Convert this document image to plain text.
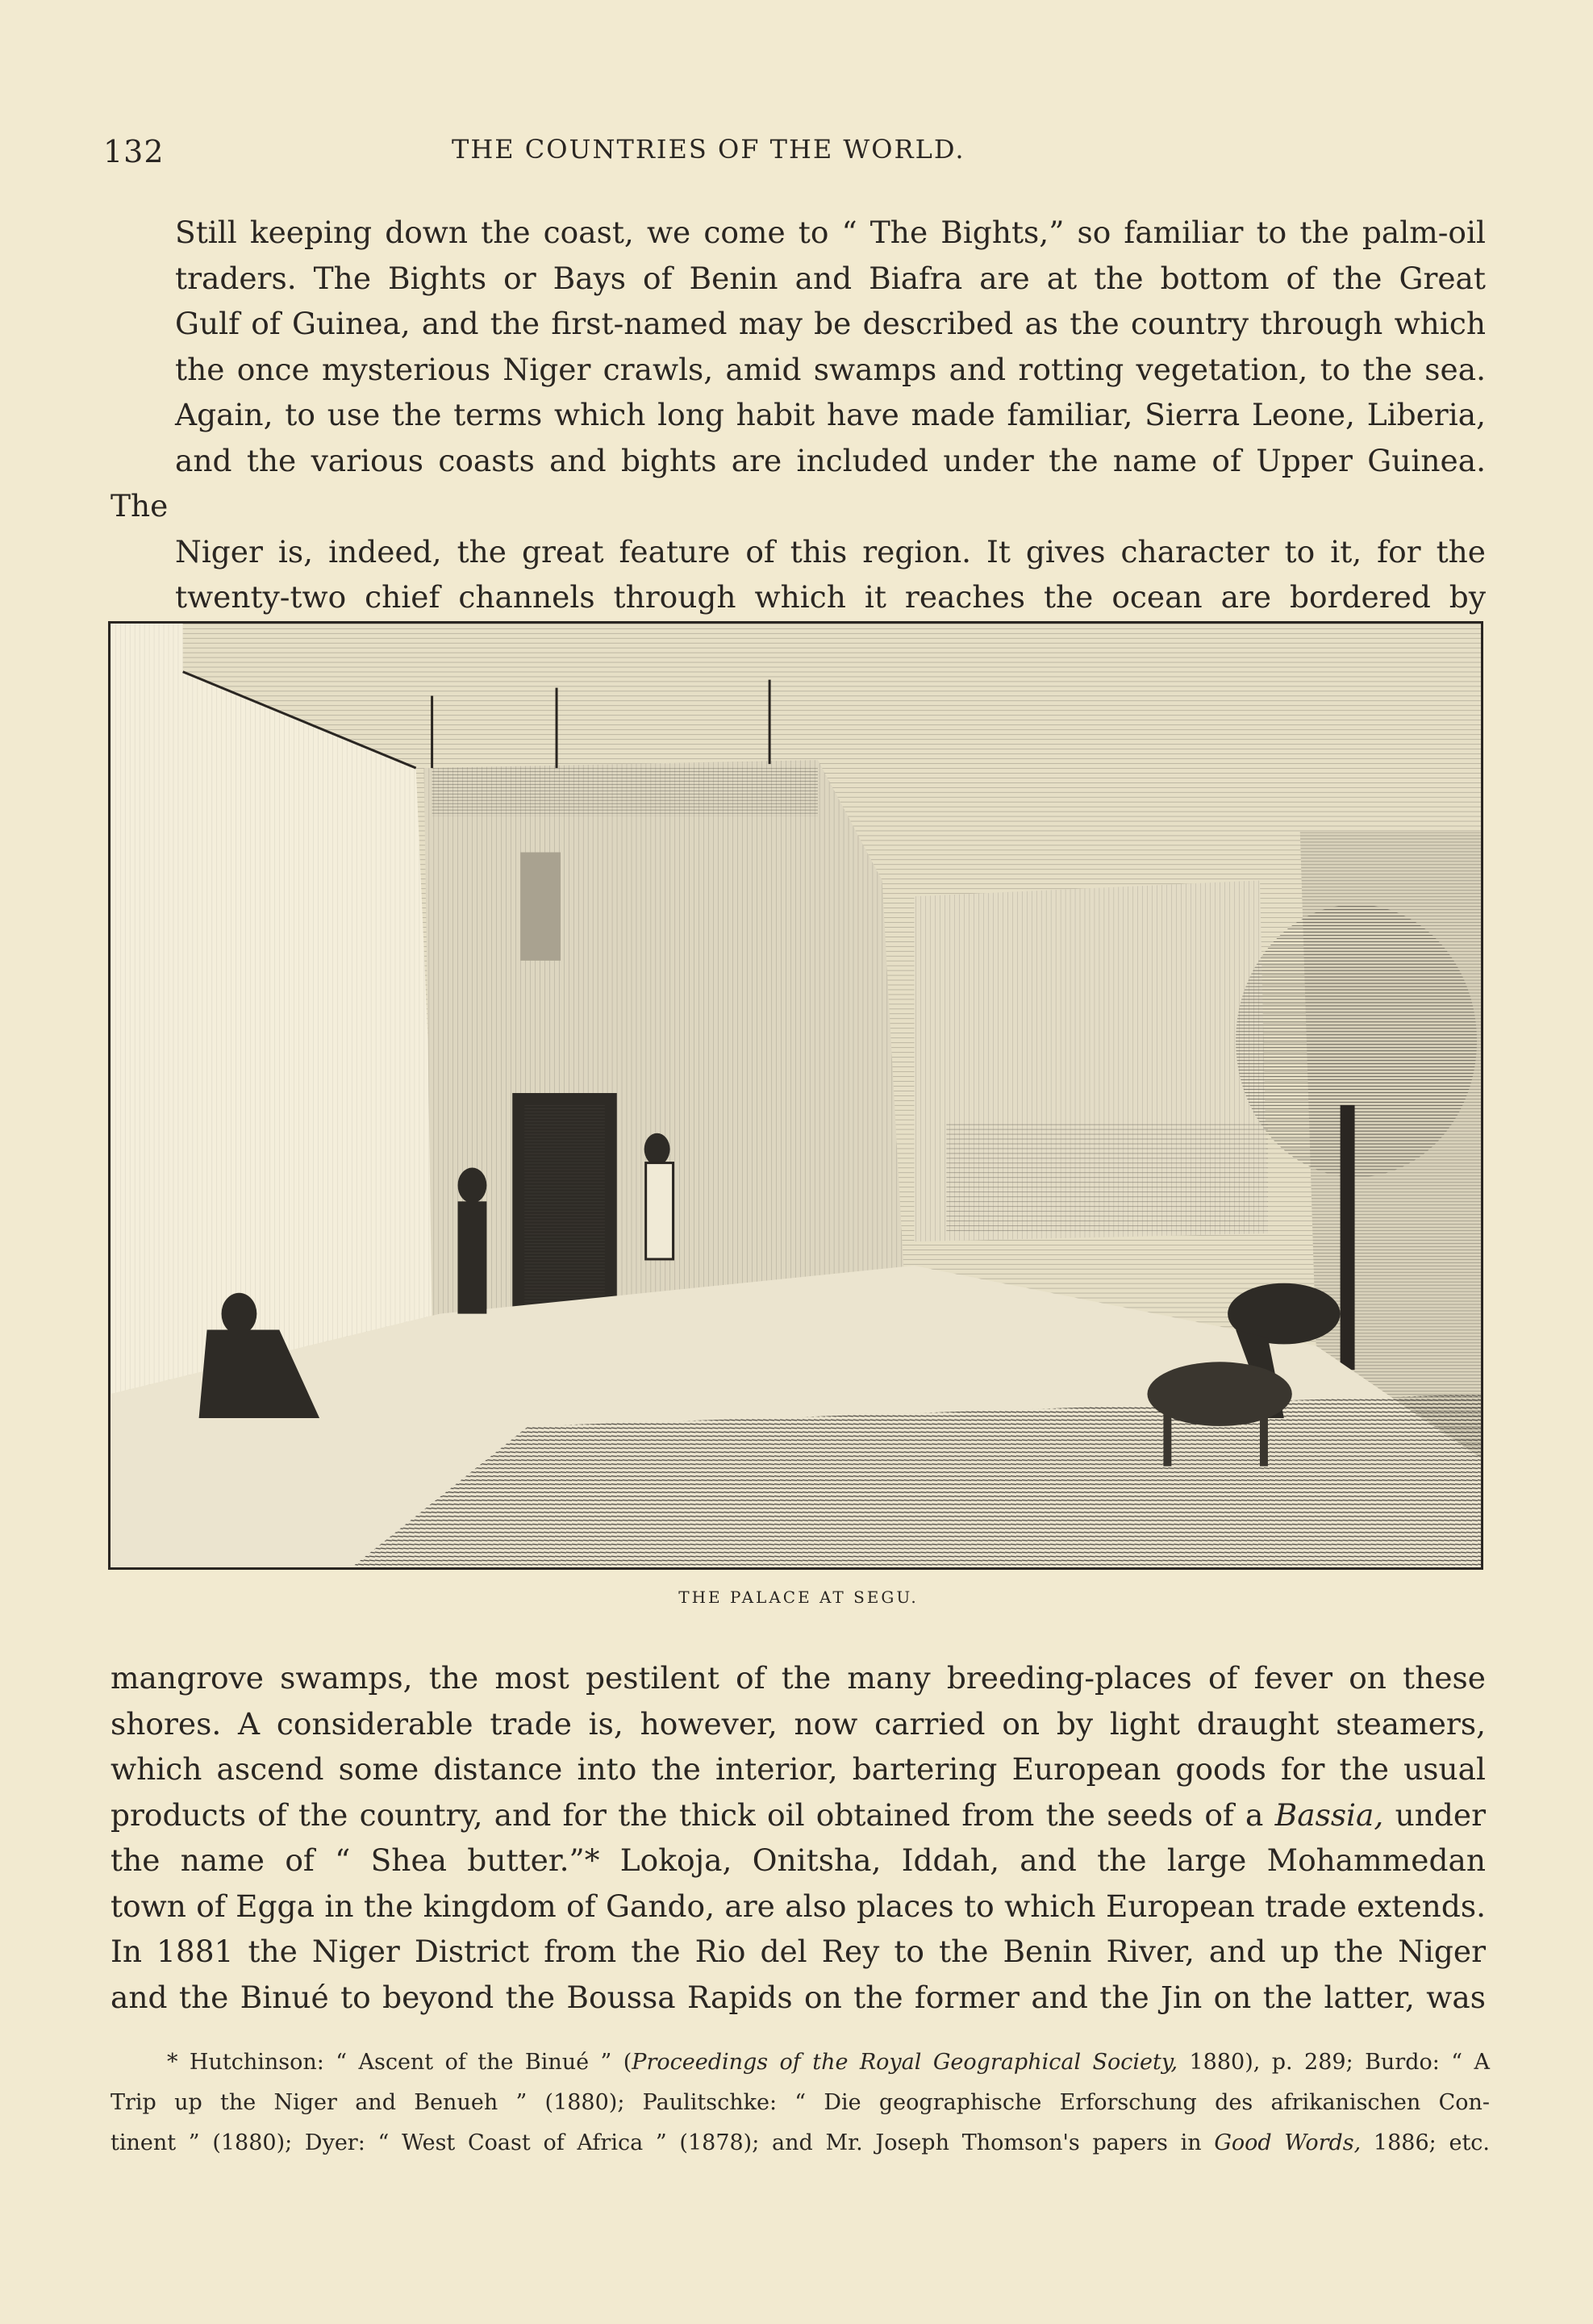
132	THE COUNTRIES OF THE WORLD.
Still keeping down the coast, we come to “ The Bights,” so familiar to the palm-oil
traders. The Bights or Bays of Benin and Biafra are at the bottom of the Great
Gulf of Guinea, and the first-named may be described as the country through which
the once mysterious Niger crawls, amid swamps and rotting vegetation, to the sea.
Again, to use the terms which long habit have made familiar, Sierra Leone, Liberia,
and the various coasts and bights are included under the name of Upper Guinea. The
Niger is, indeed, the great feature of this region. It gives character to it, for the
twenty-two chief channels through which it reaches the ocean are bordered by
THE PALACE AT SEGU.
mangrove swamps, the most pestilent of the many breeding-places of fever on these
shores. A considerable trade is, however, now carried on by light draught steamers,
which ascend some distance into the interior, bartering European goods for the usual
products of the country, and for the thick oil obtained from the seeds of a Bassia, under
the name of “ Shea butter.”* Lokoja, Onitsha, Iddah, and the large Mohammedan
town of Egga in the kingdom of Gando, are also places to which European trade extends.
In 1881 the Niger District from the Rio del Rey to the Benin River, and up the Niger
and the Binué to beyond the Boussa Rapids on the former and the Jin on the latter, was
* Hutchinson: “ Ascent of the Binué ” (Proceedings of the Royal Geographical Society, 1880), p. 289; Burdo: “ A
Trip up the Niger and Benueh ” (1880); Paulitschke: “ Die geographische Erforschung des afrikanischen Con-
tinent ” (1880); Dyer: “ West Coast of Africa ” (1878); and Mr. Joseph Thomson's papers in Good Words, 1886; etc.
